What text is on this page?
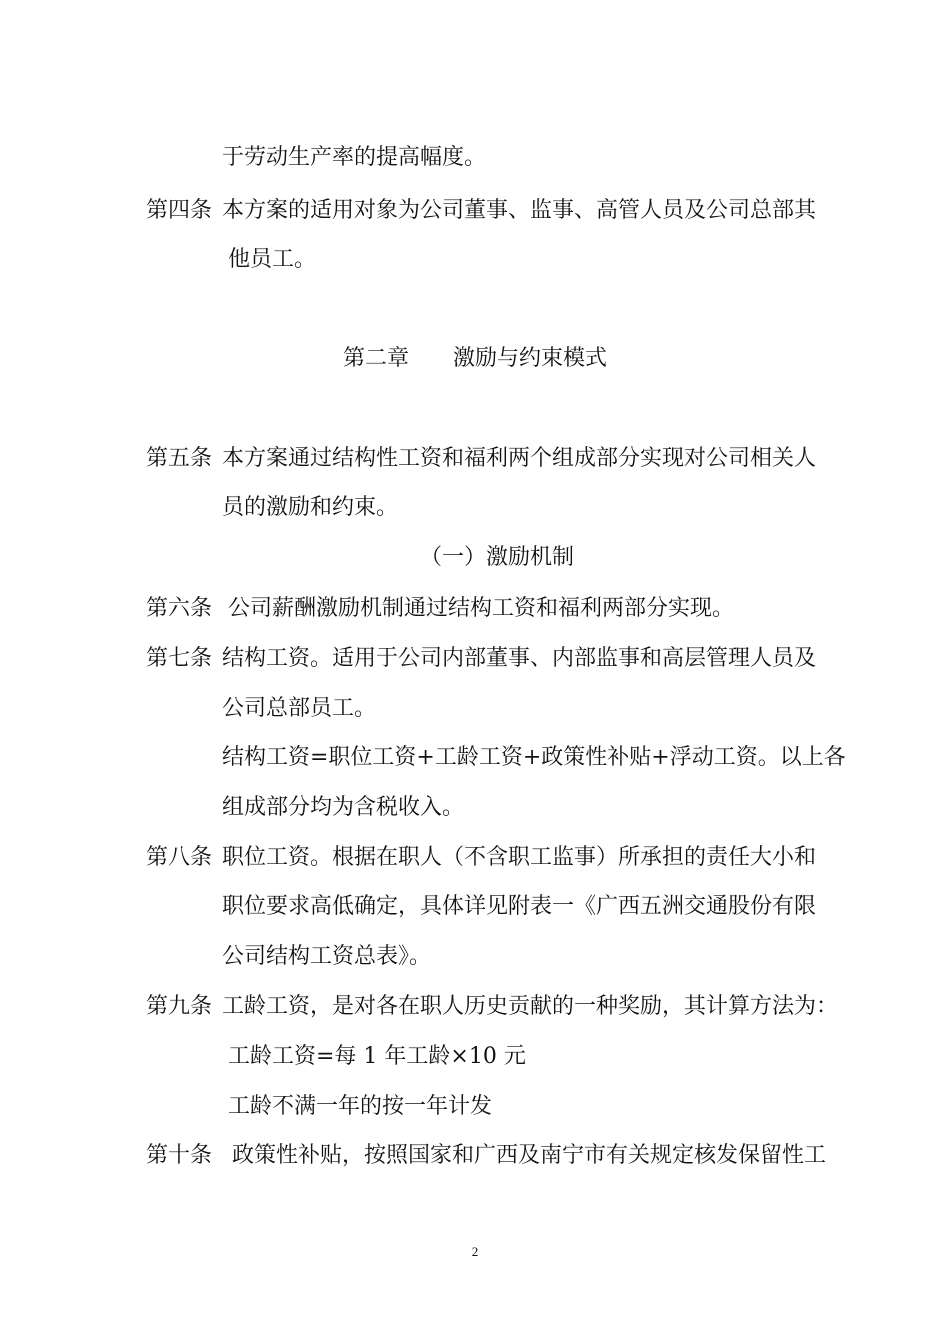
于劳动生产率的提高幅度。
第四条 本方案的适用对象为公司董事、监事、高管人员及公司总部其
他员工。
第二章　　激励与约束模式
第五条 本方案通过结构性工资和福利两个组成部分实现对公司相关人
员的激励和约束。
（一）激励机制
第六条 公司薪酬激励机制通过结构工资和福利两部分实现。
第七条 结构工资。适用于公司内部董事、内部监事和高层管理人员及
公司总部员工。
结构工资=职位工资+工龄工资+政策性补贴+浮动工资。以上各
组成部分均为含税收入。
第八条 职位工资。根据在职人（不含职工监事）所承担的责任大小和
职位要求高低确定，具体详见附表一《广西五洲交通股份有限
公司结构工资总表》。
第九条 工龄工资，是对各在职人历史贡献的一种奖励，其计算方法为：
工龄工资=每 1 年工龄×10 元
工龄不满一年的按一年计发
第十条 政策性补贴，按照国家和广西及南宁市有关规定核发保留性工
2
